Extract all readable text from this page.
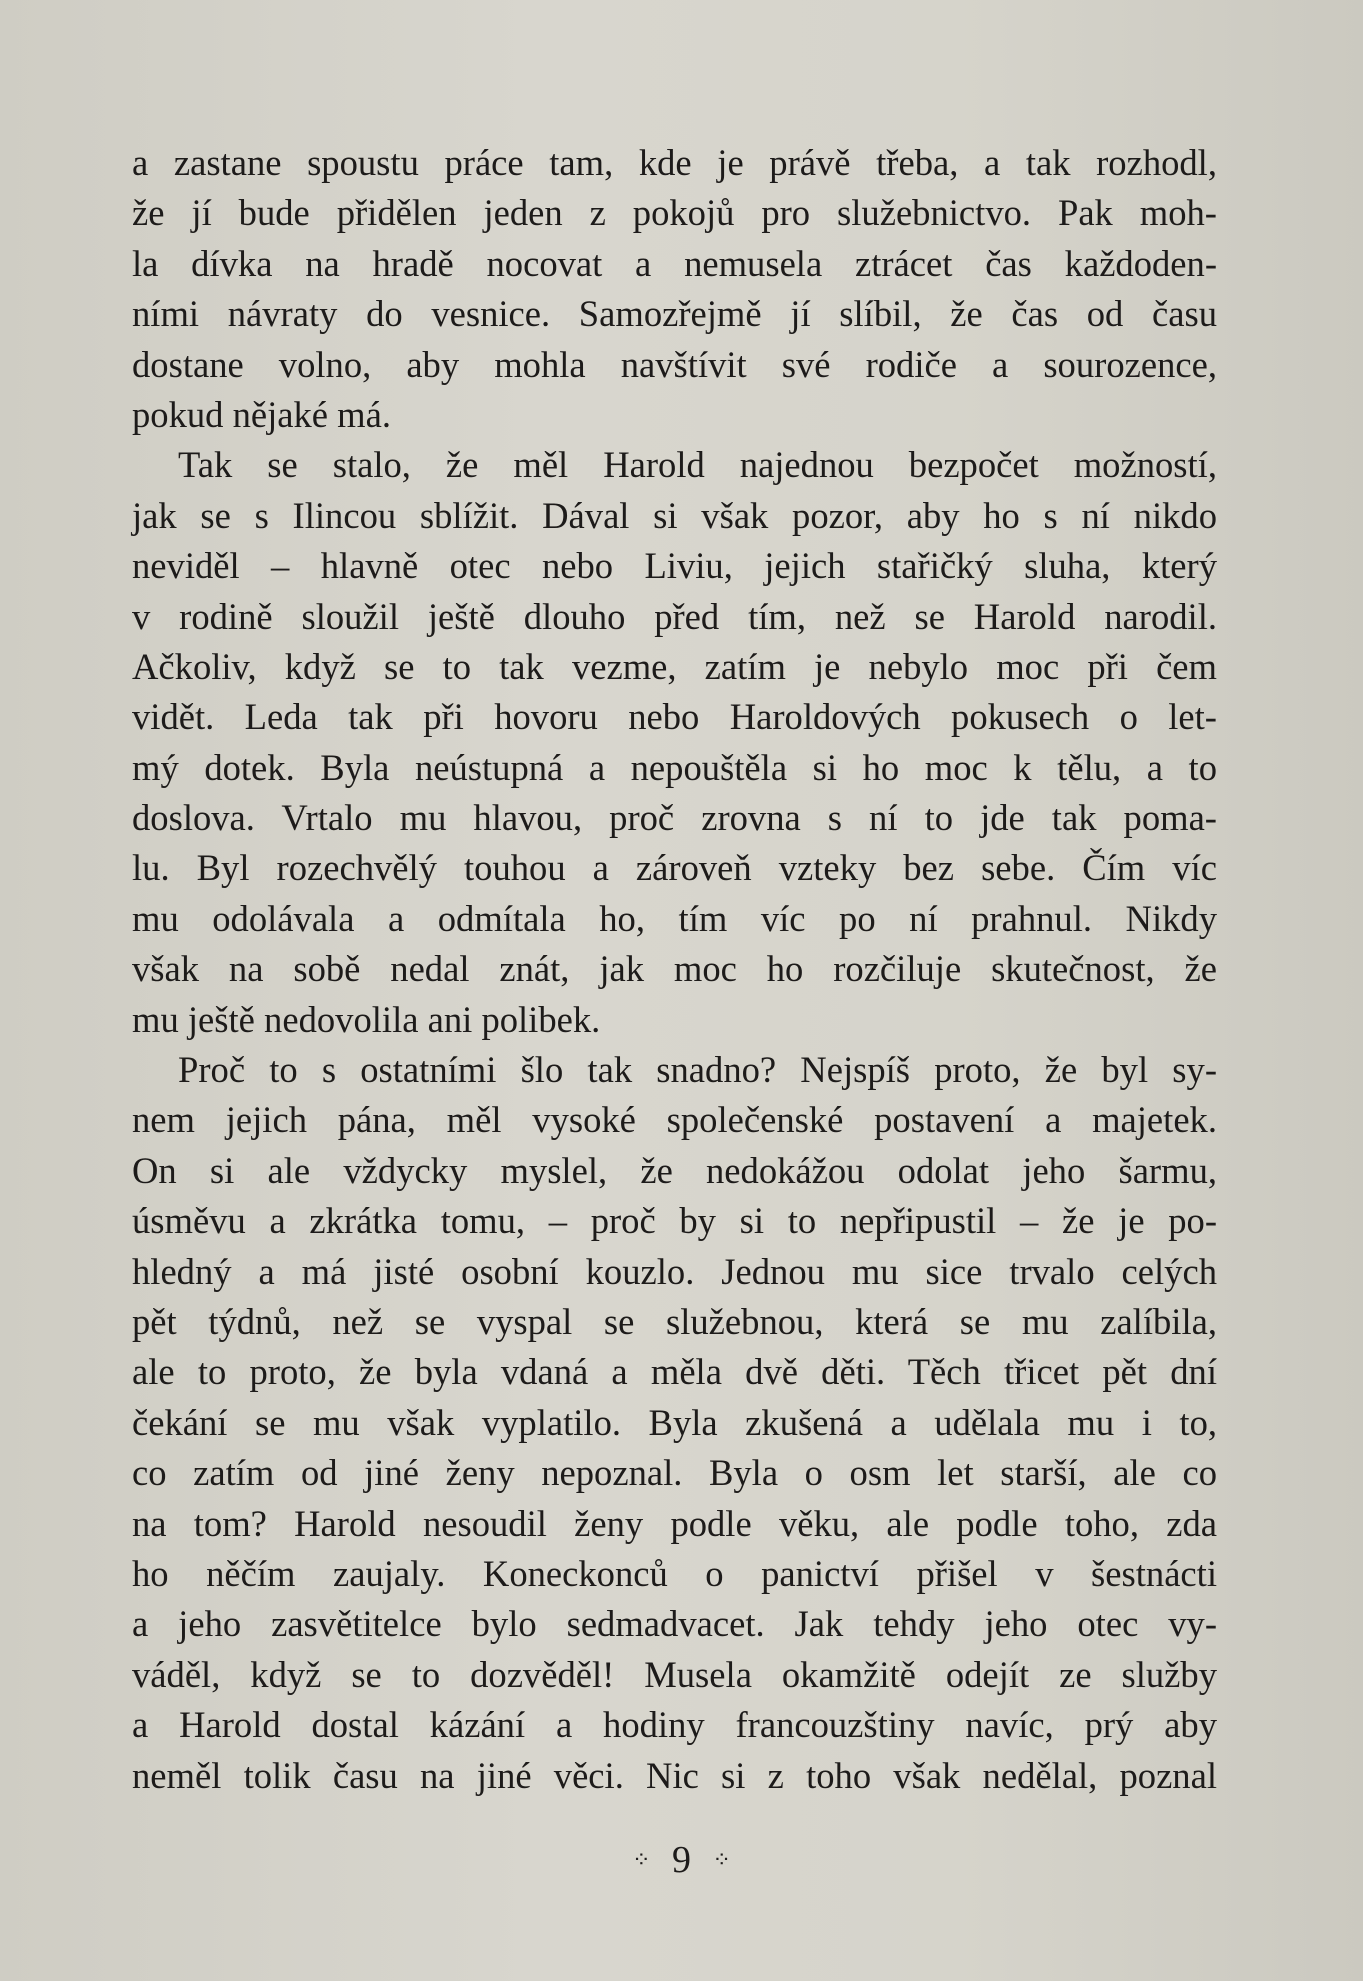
a zastane spoustu práce tam, kde je právě třeba, a tak rozhodl,
že jí bude přidělen jeden z pokojů pro služebnictvo. Pak moh-
la dívka na hradě nocovat a nemusela ztrácet čas každoden-
ními návraty do vesnice. Samozřejmě jí slíbil, že čas od času
dostane volno, aby mohla navštívit své rodiče a sourozence,
pokud nějaké má.
Tak se stalo, že měl Harold najednou bezpočet možností,
jak se s Ilincou sblížit. Dával si však pozor, aby ho s ní nikdo
neviděl – hlavně otec nebo Liviu, jejich stařičký sluha, který
v rodině sloužil ještě dlouho před tím, než se Harold narodil.
Ačkoliv, když se to tak vezme, zatím je nebylo moc při čem
vidět. Leda tak při hovoru nebo Haroldových pokusech o let-
mý dotek. Byla neústupná a nepouštěla si ho moc k tělu, a to
doslova. Vrtalo mu hlavou, proč zrovna s ní to jde tak poma-
lu. Byl rozechvělý touhou a zároveň vzteky bez sebe. Čím víc
mu odolávala a odmítala ho, tím víc po ní prahnul. Nikdy
však na sobě nedal znát, jak moc ho rozčiluje skutečnost, že
mu ještě nedovolila ani polibek.
Proč to s ostatními šlo tak snadno? Nejspíš proto, že byl sy-
nem jejich pána, měl vysoké společenské postavení a majetek.
On si ale vždycky myslel, že nedokážou odolat jeho šarmu,
úsměvu a zkrátka tomu, – proč by si to nepřipustil – že je po-
hledný a má jisté osobní kouzlo. Jednou mu sice trvalo celých
pět týdnů, než se vyspal se služebnou, která se mu zalíbila,
ale to proto, že byla vdaná a měla dvě děti. Těch třicet pět dní
čekání se mu však vyplatilo. Byla zkušená a udělala mu i to,
co zatím od jiné ženy nepoznal. Byla o osm let starší, ale co
na tom? Harold nesoudil ženy podle věku, ale podle toho, zda
ho něčím zaujaly. Koneckonců o panictví přišel v šestnácti
a jeho zasvětitelce bylo sedmadvacet. Jak tehdy jeho otec vy-
váděl, když se to dozvěděl! Musela okamžitě odejít ze služby
a Harold dostal kázání a hodiny francouzštiny navíc, prý aby
neměl tolik času na jiné věci. Nic si z toho však nedělal, poznal
⁘ 9 ⁘
